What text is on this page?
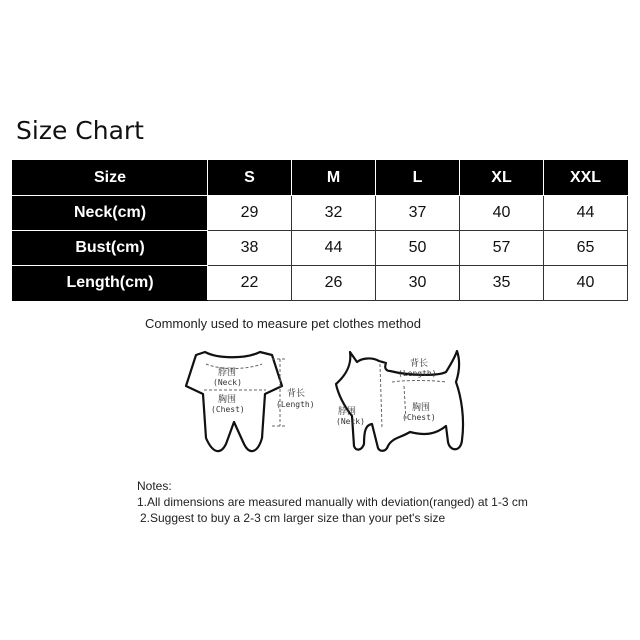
Size Chart
Size	S	M	L	XL	XXL
Neck(cm)	29	32	37	40	44
Bust(cm)	38	44	50	57	65
Length(cm)	22	26	30	35	40
Commonly used to measure pet clothes method
脖围
(Neck)
胸围
(Chest)
背长
(Length)
背长
(Length)
脖围
(Neck)
胸围
(Chest)
Notes:
1.All dimensions are measured manually with deviation(ranged) at 1-3 cm
2.Suggest to buy a 2-3 cm larger size than your pet's size
